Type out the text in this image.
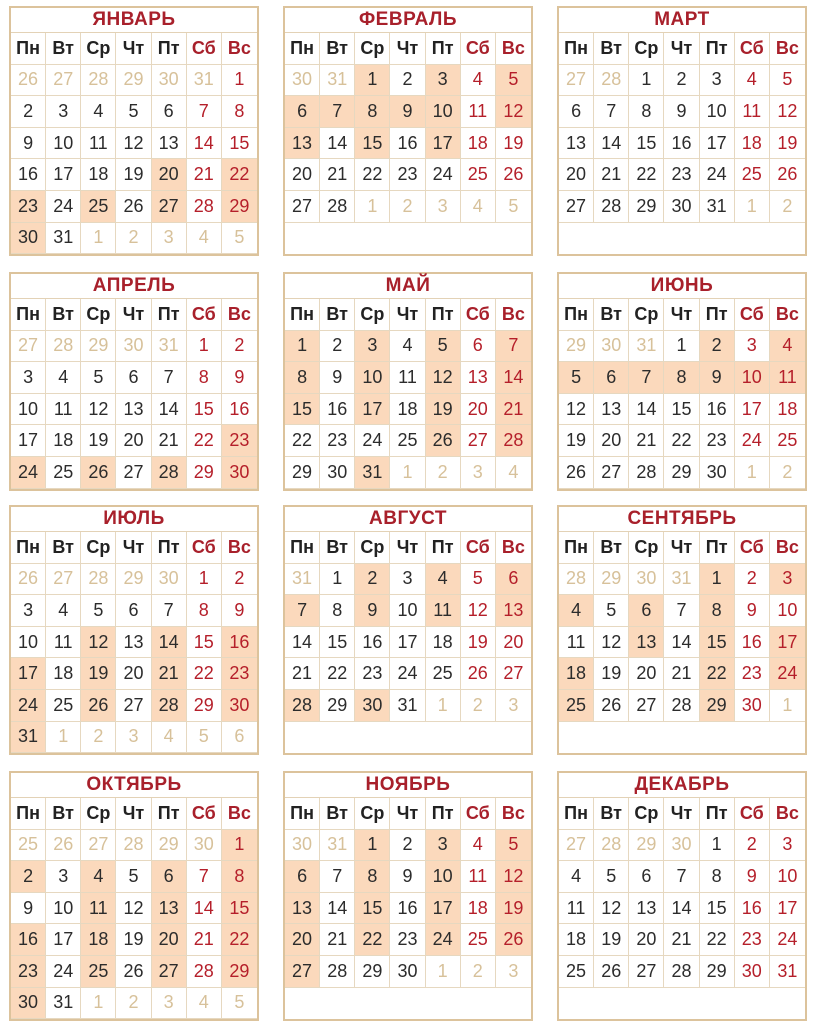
ЯНВАРЬ
Пн Вт Ср Чт Пт Сб Вс
26 27 28 29 30 31	1
2	3	4	5	6	7	8
9	10 11 12 13 14 15
16 17 18 19 20 21 22
23 24 25 26 27 28 29
30 31	1	2	3	4	5
ФЕВРАЛЬ
Пн Вт Ср Чт Пт Сб Вс
30 31	1	2	3	4	5
6	7	8	9	10 11 12
13 14 15 16 17 18 19
20 21 22 23 24 25 26
27 28	1	2	3	4	5
МАРТ
Пн Вт Ср Чт Пт Сб Вс
27 28	1	2	3	4	5
6	7	8	9	10 11 12
13 14 15 16 17 18 19
20 21 22 23 24 25 26
27 28 29 30 31	1	2
АПРЕЛЬ
Пн Вт Ср Чт Пт Сб Вс
27 28 29 30 31	1	2
3	4	5	6	7	8	9
10 11 12 13 14 15 16
17 18 19 20 21 22 23
24 25 26 27 28 29 30
МАЙ
Пн Вт Ср Чт Пт Сб Вс
1	2	3	4	5	6	7
8	9	10 11 12 13 14
15 16 17 18 19 20 21
22 23 24 25 26 27 28
29 30 31	1	2	3	4
ИЮНЬ
Пн Вт Ср Чт Пт Сб Вс
29 30 31	1	2	3	4
5	6	7	8	9	10 11
12 13 14 15 16 17 18
19 20 21 22 23 24 25
26 27 28 29 30	1	2
ИЮЛЬ
Пн Вт Ср Чт Пт Сб Вс
26 27 28 29 30	1	2
3	4	5	6	7	8	9
10 11 12 13 14 15 16
17 18 19 20 21 22 23
24 25 26 27 28 29 30
31	1	2	3	4	5	6
АВГУСТ
Пн Вт Ср Чт Пт Сб Вс
31	1	2	3	4	5	6
7	8	9	10 11 12 13
14 15 16 17 18 19 20
21 22 23 24 25 26 27
28 29 30 31	1	2	3
СЕНТЯБРЬ
Пн Вт Ср Чт Пт Сб Вс
28 29 30 31	1	2	3
4	5	6	7	8	9	10
11 12 13 14 15 16 17
18 19 20 21 22 23 24
25 26 27 28 29 30	1
ОКТЯБРЬ
Пн Вт Ср Чт Пт Сб Вс
25 26 27 28 29 30	1
2	3	4	5	6	7	8
9	10 11 12 13 14 15
16 17 18 19 20 21 22
23 24 25 26 27 28 29
30 31	1	2	3	4	5
НОЯБРЬ
Пн Вт Ср Чт Пт Сб Вс
30 31	1	2	3	4	5
6	7	8	9	10 11 12
13 14 15 16 17 18 19
20 21 22 23 24 25 26
27 28 29 30	1	2	3
ДЕКАБРЬ
Пн Вт Ср Чт Пт Сб Вс
27 28 29 30	1	2	3
4	5	6	7	8	9	10
11 12 13 14 15 16 17
18 19 20 21 22 23 24
25 26 27 28 29 30 31
